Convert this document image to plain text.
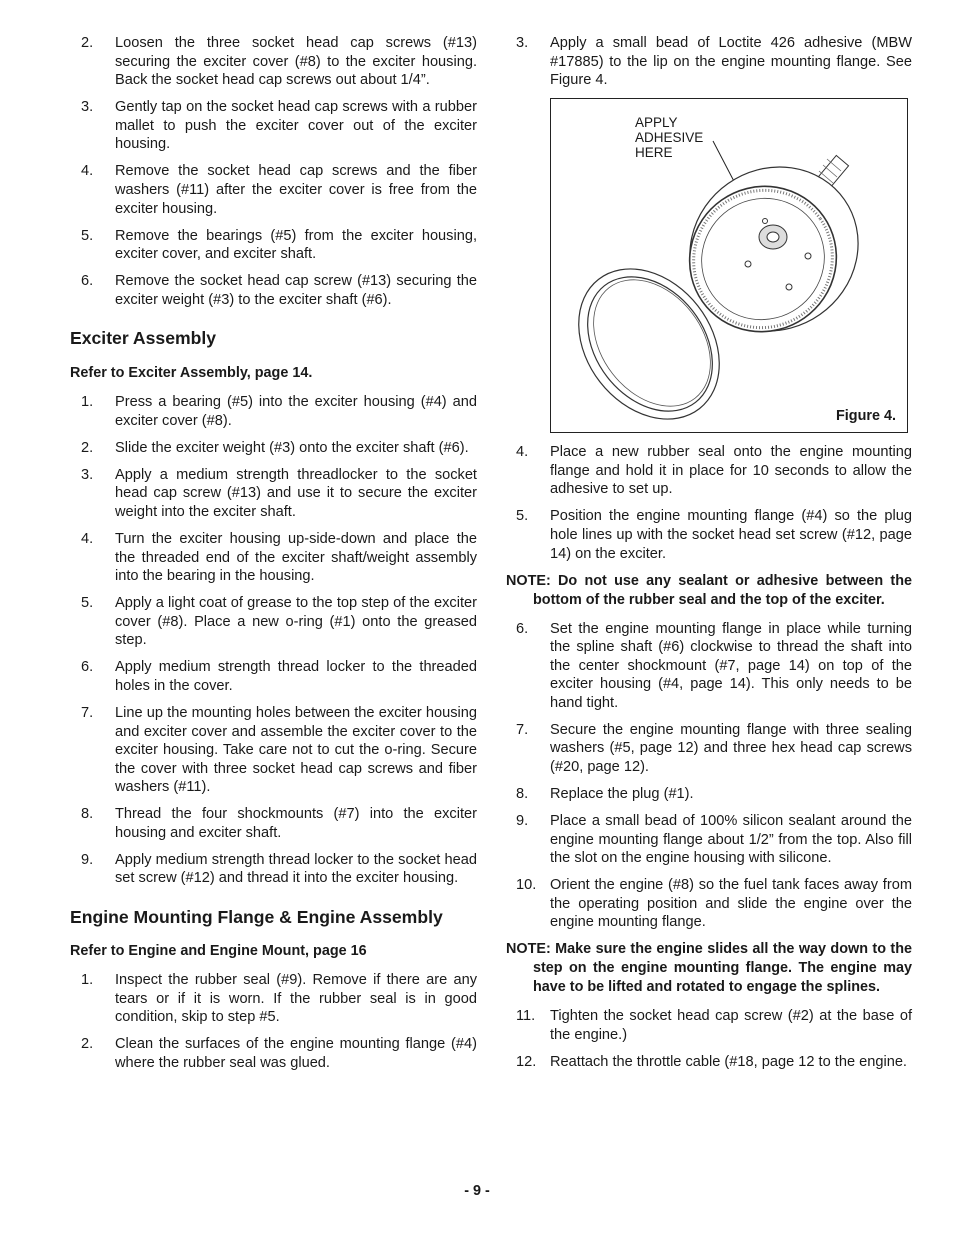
2. Loosen the three socket head cap screws (#13) securing the exciter cover (#8) to the exciter housing. Back the socket head cap screws out about 1/4”.
3. Gently tap on the socket head cap screws with a rubber mallet to push the exciter cover out of the exciter housing.
4. Remove the socket head cap screws and the fiber washers (#11) after the exciter cover is free from the exciter housing.
5. Remove the bearings (#5) from the exciter housing, exciter cover, and exciter shaft.
6. Remove the socket head cap screw (#13) securing the exciter weight (#3) to the exciter shaft (#6).
Exciter Assembly

Refer to Exciter Assembly, page 14.

1. Press a bearing (#5) into the exciter housing (#4) and exciter cover (#8).
2. Slide the exciter weight (#3) onto the exciter shaft (#6).
3. Apply a medium strength threadlocker to the socket head cap screw (#13) and use it to secure the exciter weight into the exciter shaft.
4. Turn the exciter housing up-side-down and place the the threaded end of the exciter shaft/weight assembly into the bearing in the housing.
5. Apply a light coat of grease to the top step of the exciter cover (#8). Place a new o-ring (#1) onto the greased step.
6. Apply medium strength thread locker to the threaded holes in the cover.
7. Line up the mounting holes between the exciter housing and exciter cover and assemble the exciter cover to the exciter housing. Take care not to cut the o-ring. Secure the cover with three socket head cap screws and fiber washers (#11).
8. Thread the four shockmounts (#7) into the exciter housing and exciter shaft.
9. Apply medium strength thread locker to the socket head set screw (#12) and thread it into the exciter housing.
Engine Mounting Flange & Engine Assembly

Refer to Engine and Engine Mount, page 16

1. Inspect the rubber seal (#9). Remove if there are any tears or if it is worn. If the rubber seal is in good condition, skip to step #5.
2. Clean the surfaces of the engine mounting flange (#4) where the rubber seal was glued.
3. Apply a small bead of Loctite 426 adhesive (MBW #17885) to the lip on the engine mounting flange. See Figure 4.
APPLY
ADHESIVE
HERE
Figure 4.
4. Place a new rubber seal onto the engine mounting flange and hold it in place for 10 seconds to allow the adhesive to set up.
5. Position the engine mounting flange (#4) so the plug hole lines up with the socket head set screw (#12, page 14) on the exciter.

NOTE: Do not use any sealant or adhesive between the bottom of the rubber seal and the top of the exciter.

6. Set the engine mounting flange in place while turning the spline shaft (#6) clockwise to thread the shaft into the center shockmount (#7, page 14) on top of the exciter housing (#4, page 14). This only needs to be hand tight.
7. Secure the engine mounting flange with three sealing washers (#5, page 12) and three hex head cap screws (#20, page 12).
8. Replace the plug (#1).
9. Place a small bead of 100% silicon sealant around the engine mounting flange about 1/2” from the top. Also fill the slot on the engine housing with silicone.
10. Orient the engine (#8) so the fuel tank faces away from the operating position and slide the engine over the engine mounting flange.

NOTE: Make sure the engine slides all the way down to the step on the engine mounting flange. The engine may have to be lifted and rotated to engage the splines.

11. Tighten the socket head cap screw (#2) at the base of the engine.)
12. Reattach the throttle cable (#18, page 12 to the engine.
- 9 -
